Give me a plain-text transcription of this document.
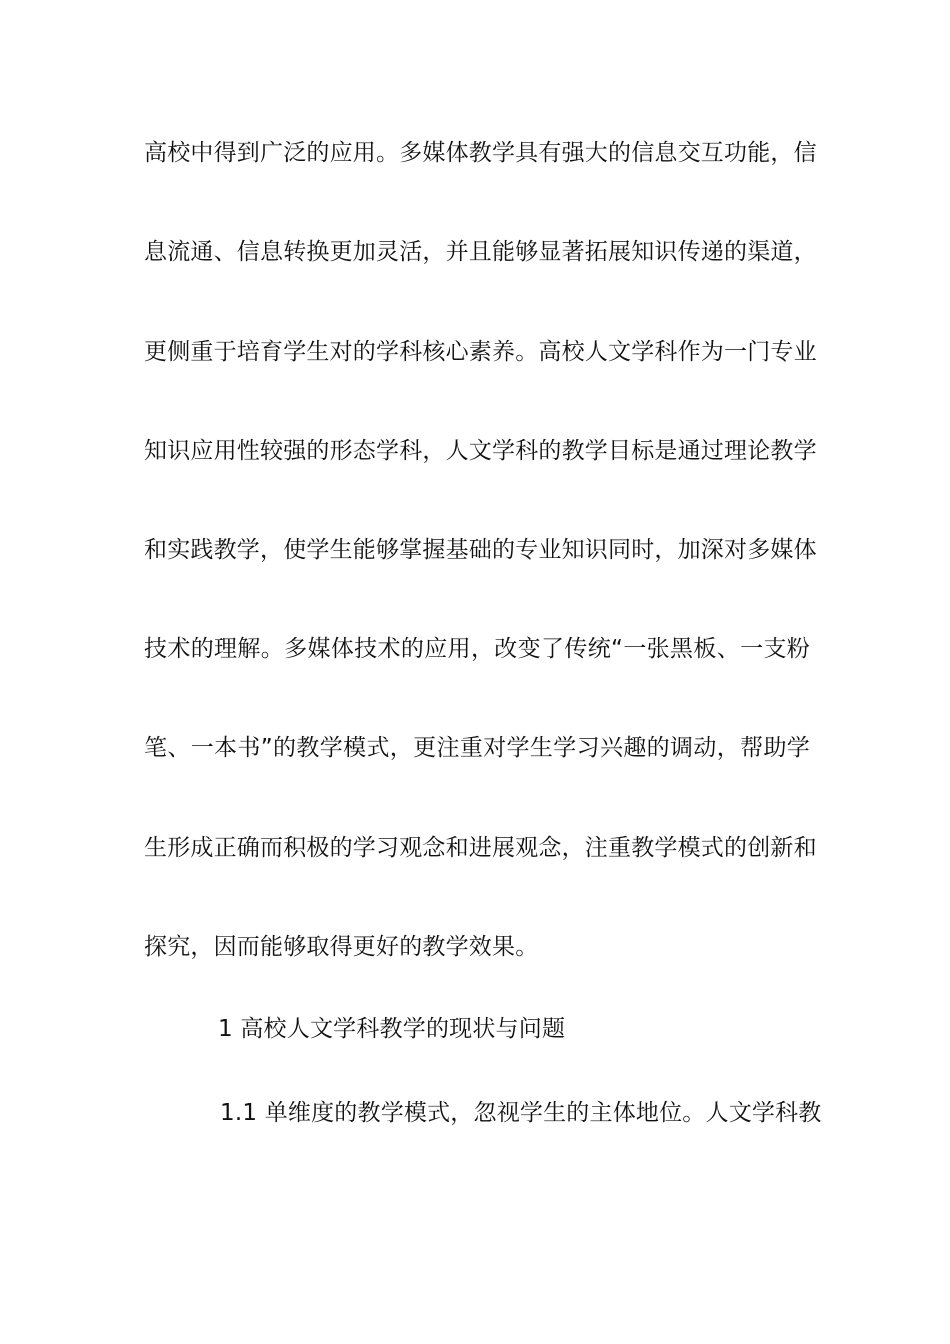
高校中得到广泛的应用。多媒体教学具有强大的信息交互功能，信
息流通、信息转换更加灵活，并且能够显著拓展知识传递的渠道，
更侧重于培育学生对的学科核心素养。高校人文学科作为一门专业
知识应用性较强的形态学科，人文学科的教学目标是通过理论教学
和实践教学，使学生能够掌握基础的专业知识同时，加深对多媒体
技术的理解。多媒体技术的应用，改变了传统“一张黑板、一支粉
笔、一本书”的教学模式，更注重对学生学习兴趣的调动，帮助学
生形成正确而积极的学习观念和进展观念，注重教学模式的创新和
探究，因而能够取得更好的教学效果。
1 高校人文学科教学的现状与问题
1.1 单维度的教学模式，忽视学生的主体地位。人文学科教
